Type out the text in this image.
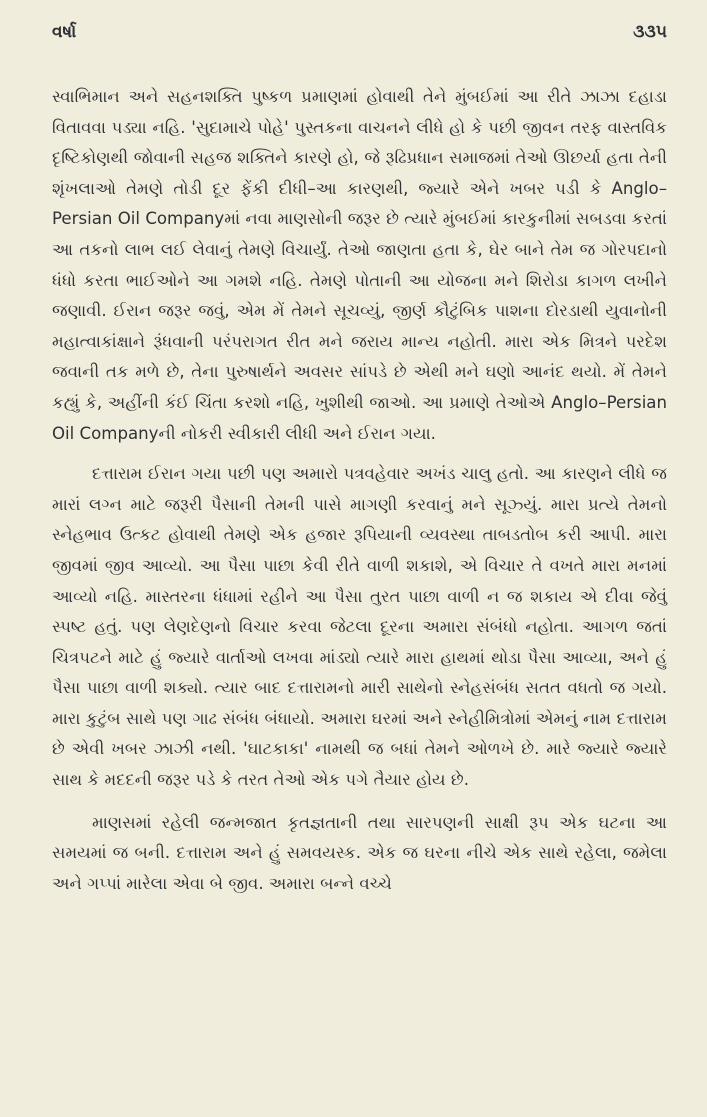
વર્ષા	૩૩૫

સ્વાભિમાન અને સહનશક્તિ પુષ્કળ પ્રમાણમાં હોવાથી તેને મુંબઈમાં આ રીતે ઝાઝા દહાડા વિતાવવા પડ્યા નહિ. 'સુદામાચે પોહે' પુસ્તકના વાચનને લીધે હો કે પછી જીવન તરફ વાસ્તવિક દૃષ્ટિકોણથી જોવાની સહજ શક્તિને કારણે હો, જે રૂઢિપ્રધાન સમાજમાં તેઓ ઊછર્યા હતા તેની શૃંખલાઓ તેમણે તોડી દૂર ફેંકી દીધી–આ કારણથી, જ્યારે એને ખબર પડી કે Anglo–Persian Oil Companyમાં નવા માણસોની જરૂર છે ત્યારે મુંબઈમાં કારકુનીમાં સબડવા કરતાં આ તકનો લાભ લઈ લેવાનું તેમણે વિચાર્યું. તેઓ જાણતા હતા કે, ઘેર બાને તેમ જ ગોરપદાનો ધંધો કરતા ભાઈઓને આ ગમશે નહિ. તેમણે પોતાની આ યોજના મને શિરોડા કાગળ લખીને જણાવી. ઈરાન જરૂર જવું, એમ મેં તેમને સૂચવ્યું, જીર્ણ કૌટુંબિક પાશના દોરડાથી યુવાનોની મહાત્વાકાંક્ષાને રૂંધવાની પરંપરાગત રીત મને જરાય માન્ય નહોતી. મારા એક મિત્રને પરદેશ જવાની તક મળે છે, તેના પુરુષાર્થને અવસર સાંપડે છે એથી મને ઘણો આનંદ થયો. મેં તેમને કહ્યું કે, અહીંની કંઈ ચિંતા કરશો નહિ, ખુશીથી જાઓ. આ પ્રમાણે તેઓએ Anglo–Persian Oil Companyની નોકરી સ્વીકારી લીધી અને ઈરાન ગયા.

દત્તારામ ઈરાન ગયા પછી પણ અમારો પત્રવહેવાર અખંડ ચાલુ હતો. આ કારણને લીધે જ મારાં લગ્ન માટે જરૂરી પૈસાની તેમની પાસે માગણી કરવાનું મને સૂઝ્યું. મારા પ્રત્યે તેમનો સ્નેહભાવ ઉત્કટ હોવાથી તેમણે એક હજાર રૂપિયાની વ્યવસ્થા તાબડતોબ કરી આપી. મારા જીવમાં જીવ આવ્યો. આ પૈસા પાછા કેવી રીતે વાળી શકાશે, એ વિચાર તે વખતે મારા મનમાં આવ્યો નહિ. માસ્તરના ધંધામાં રહીને આ પૈસા તુરત પાછા વાળી ન જ શકાય એ દીવા જેવું સ્પષ્ટ હતું. પણ લેણદેણનો વિચાર કરવા જેટલા દૂરના અમારા સંબંધો નહોતા. આગળ જતાં ચિત્રપટને માટે હું જ્યારે વાર્તાઓ લખવા માંડ્યો ત્યારે મારા હાથમાં થોડા પૈસા આવ્યા, અને હું પૈસા પાછા વાળી શક્યો. ત્યાર બાદ દત્તારામનો મારી સાથેનો સ્નેહસંબંધ સતત વધતો જ ગયો. મારા કુટુંબ સાથે પણ ગાઢ સંબંધ બંધાયો. અમારા ઘરમાં અને સ્નેહીમિત્રોમાં એમનું નામ દત્તારામ છે એવી ખબર ઝાઝી નથી. 'ઘાટકાકા' નામથી જ બધાં તેમને ઓળખે છે. મારે જ્યારે જ્યારે સાથ કે મદદની જરૂર પડે કે તરત તેઓ એક પગે તૈયાર હોય છે.

માણસમાં રહેલી જન્મજાત કૃતજ્ઞતાની તથા સારપણની સાક્ષી રૂપ એક ઘટના આ સમયમાં જ બની. દત્તારામ અને હું સમવયસ્ક. એક જ ઘરના નીચે એક સાથે રહેલા, જમેલા અને ગપ્પાં મારેલા એવા બે જીવ. અમારા બન્ને વચ્ચે
